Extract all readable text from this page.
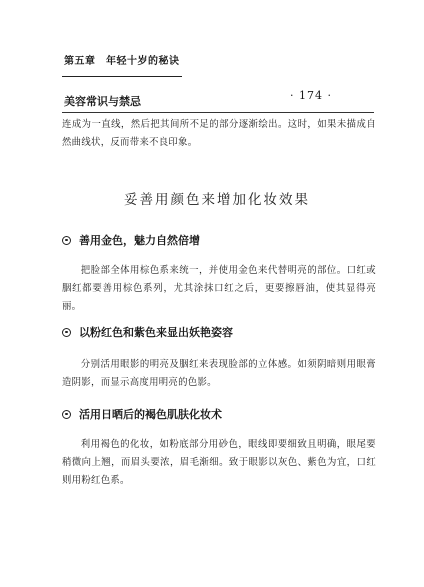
第五章　年轻十岁的秘诀
美容常识与禁忌	· 174 ·

连成为一直线，然后把其间所不足的部分逐渐绘出。这时，如果未描成自然曲线状，反而带来不良印象。

妥善用颜色来增加化妆效果
善用金色，魅力自然倍增

把脸部全体用棕色系来统一，并使用金色来代替明亮的部位。口红或胭红都要善用棕色系列，尤其涂抹口红之后，更要擦唇油，使其显得亮丽。

以粉红色和紫色来显出妖艳姿容

分别活用眼影的明亮及胭红来表现脸部的立体感。如须阴暗则用眼膏造阴影，而显示高度用明亮的色影。

活用日晒后的褐色肌肤化妆术

利用褐色的化妆，如粉底部分用砂色，眼线即要细致且明确，眼尾要稍微向上翘，而眉头要浓，眉毛渐细。致于眼影以灰色、紫色为宜，口红则用粉红色系。
